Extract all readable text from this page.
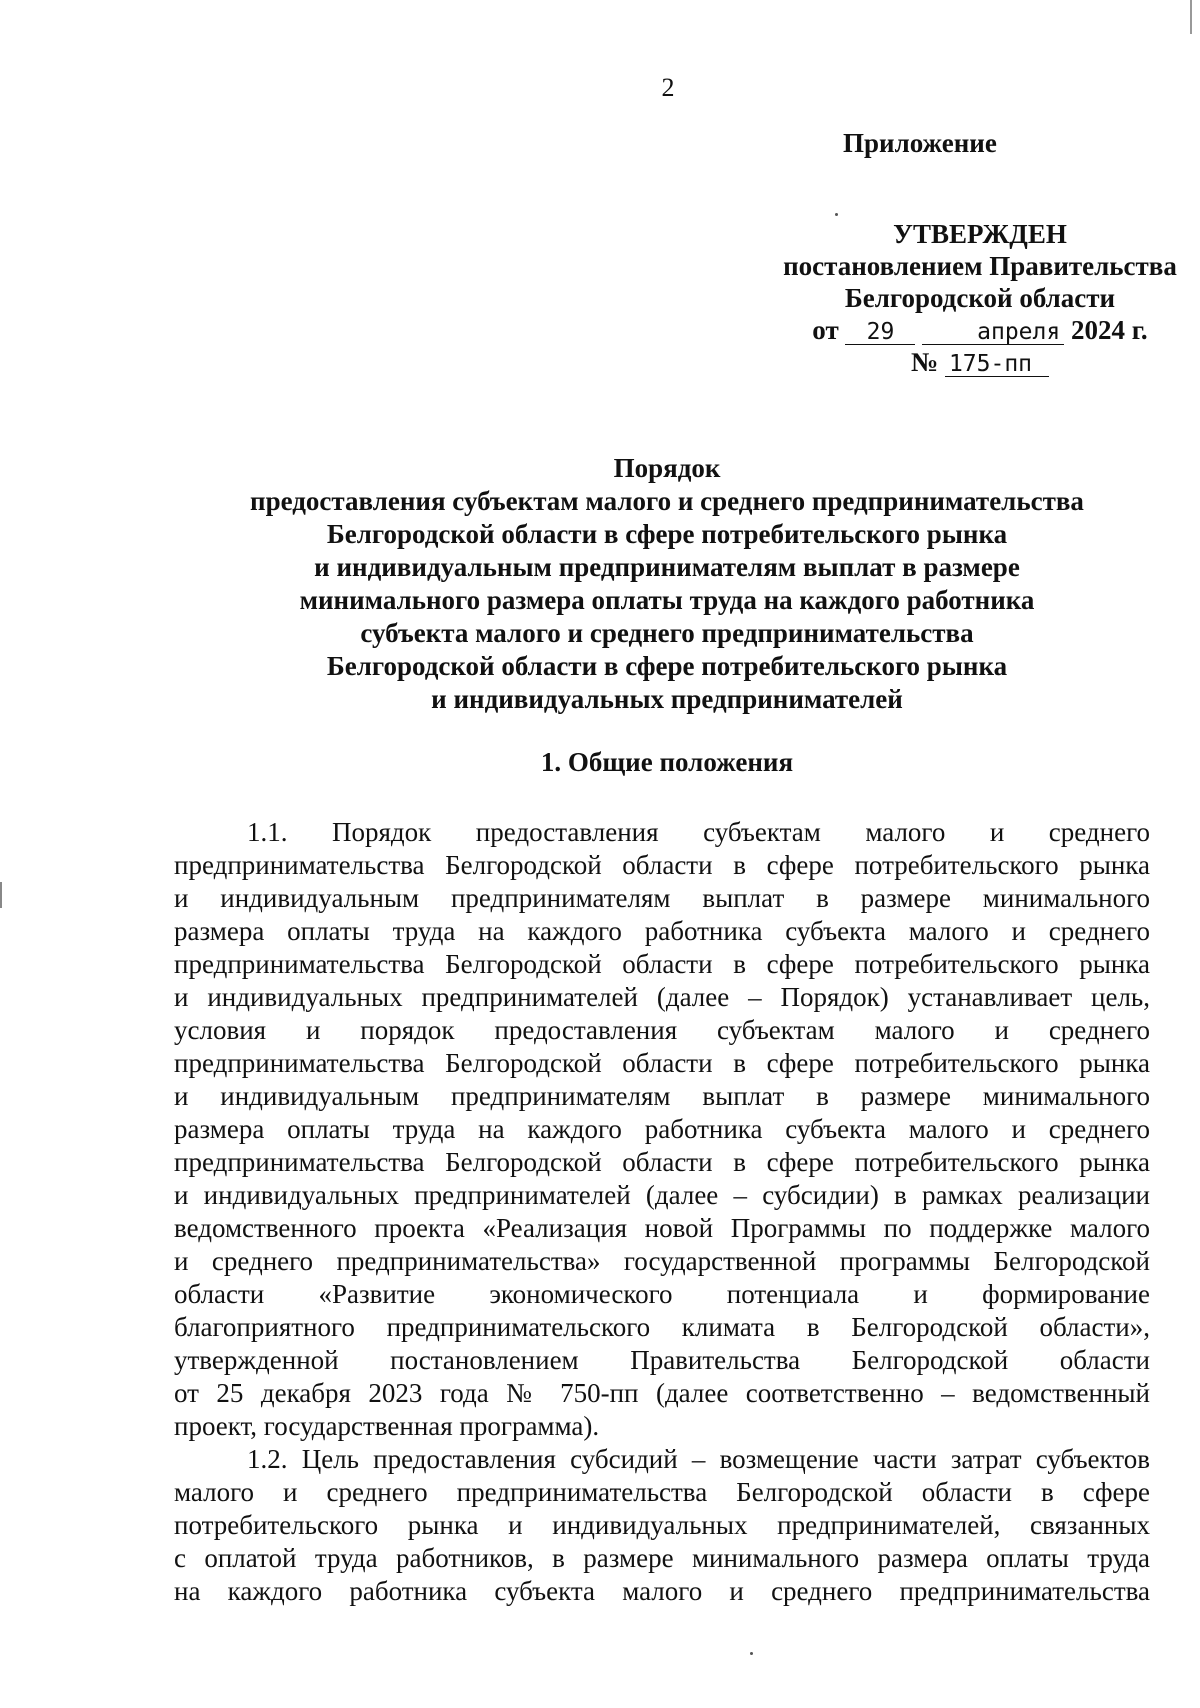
2
Приложение
УТВЕРЖДЕН
постановлением Правительства
Белгородской области
от 29	апреля 2024 г.
№ 175-пп
Порядок
предоставления субъектам малого и среднего предпринимательства
Белгородской области в сфере потребительского рынка
и индивидуальным предпринимателям выплат в размере
минимального размера оплаты труда на каждого работника
субъекта малого и среднего предпринимательства
Белгородской области в сфере потребительского рынка
и индивидуальных предпринимателей
1. Общие положения
1.1. Порядок предоставления субъектам малого и среднего
предпринимательства Белгородской области в сфере потребительского рынка
и индивидуальным предпринимателям выплат в размере минимального
размера оплаты труда на каждого работника субъекта малого и среднего
предпринимательства Белгородской области в сфере потребительского рынка
и индивидуальных предпринимателей (далее – Порядок) устанавливает цель,
условия и порядок предоставления субъектам малого и среднего
предпринимательства Белгородской области в сфере потребительского рынка
и индивидуальным предпринимателям выплат в размере минимального
размера оплаты труда на каждого работника субъекта малого и среднего
предпринимательства Белгородской области в сфере потребительского рынка
и индивидуальных предпринимателей (далее – субсидии) в рамках реализации
ведомственного проекта «Реализация новой Программы по поддержке малого
и среднего предпринимательства» государственной программы Белгородской
области «Развитие экономического потенциала и формирование
благоприятного предпринимательского климата в Белгородской области»,
утвержденной постановлением Правительства Белгородской области
от 25 декабря 2023 года № 750-пп (далее соответственно – ведомственный
проект, государственная программа).
1.2. Цель предоставления субсидий – возмещение части затрат субъектов
малого и среднего предпринимательства Белгородской области в сфере
потребительского рынка и индивидуальных предпринимателей, связанных
с оплатой труда работников, в размере минимального размера оплаты труда
на каждого работника субъекта малого и среднего предпринимательства
